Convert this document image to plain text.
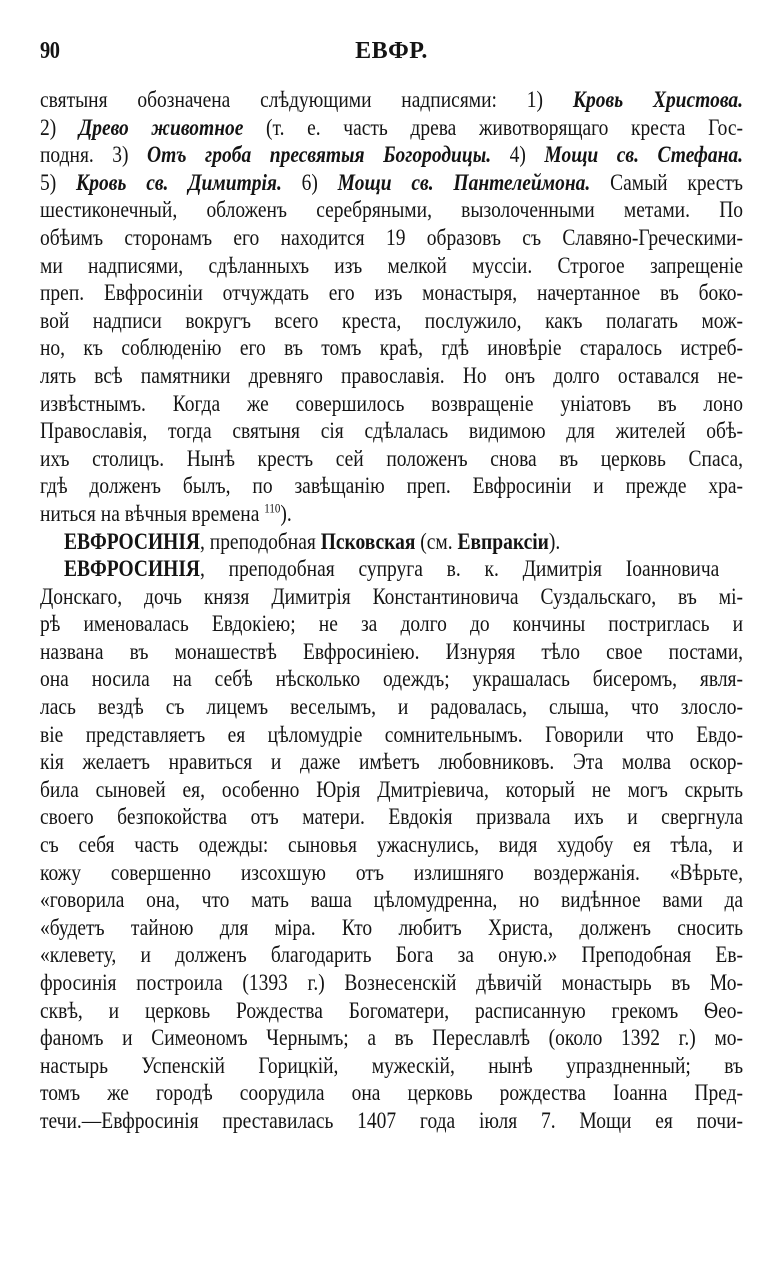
90	ЕВФР.
святыня обозначена слѣдующими надписями: 1) Кровь Христова.
2) Древо животное (т. е. часть древа животворящаго креста Гос-
подня. 3) Отъ гроба пресвятыя Богородицы. 4) Мощи св. Стефана.
5) Кровь св. Димитрія. 6) Мощи св. Пантелеймона. Самый крестъ
шестиконечный, обложенъ серебряными, вызолоченными метами. По
обѣимъ сторонамъ его находится 19 образовъ съ Славяно-Греческими-
ми надписями, сдѣланныхъ изъ мелкой муссіи. Строгое запрещеніе
преп. Евфросиніи отчуждать его изъ монастыря, начертанное въ боко-
вой надписи вокругъ всего креста, послужило, какъ полагать мож-
но, къ соблюденію его въ томъ краѣ, гдѣ иновѣріе старалось истреб-
лять всѣ памятники древняго православія. Но онъ долго оставался не-
извѣстнымъ. Когда же совершилось возвращеніе уніатовъ въ лоно
Православія, тогда святыня сія сдѣлалась видимою для жителей обѣ-
ихъ столицъ. Нынѣ крестъ сей положенъ снова въ церковь Спаса,
гдѣ долженъ былъ, по завѣщанію преп. Евфросиніи и прежде хра-
ниться на вѣчныя времена $^{110}$).
ЕВФРОСИНІЯ, преподобная Псковская (см. Евпраксіи).
ЕВФРОСИНІЯ, преподобная супруга в. к. Димитрія Іоанновича
Донскаго, дочь князя Димитрія Константиновича Суздальскаго, въ мі-
рѣ именовалась Евдокіею; не за долго до кончины постриглась и
названа въ монашествѣ Евфросиніею. Изнуряя тѣло свое постами,
она носила на себѣ нѣсколько одеждъ; украшалась бисеромъ, явля-
лась вездѣ съ лицемъ веселымъ, и радовалась, слыша, что злосло-
віе представляетъ ея цѣломудріе сомнительнымъ. Говорили что Евдо-
кія желаетъ нравиться и даже имѣетъ любовниковъ. Эта молва оскор-
била сыновей ея, особенно Юрія Дмитріевича, который не могъ скрыть
своего безпокойства отъ матери. Евдокія призвала ихъ и свергнула
съ себя часть одежды: сыновья ужаснулись, видя худобу ея тѣла, и
кожу совершенно изсохшую отъ излишняго воздержанія. «Вѣрьте,
«говорила она, что мать ваша цѣломудренна, но видѣнное вами да
«будетъ тайною для міра. Кто любитъ Христа, долженъ сносить
«клевету, и долженъ благодарить Бога за оную.» Преподобная Ев-
фросинія построила (1393 г.) Вознесенскій дѣвичій монастырь въ Мо-
сквѣ, и церковь Рождества Богоматери, расписанную грекомъ Ѳео-
фаномъ и Симеономъ Чернымъ; а въ Переславлѣ (около 1392 г.) мо-
настырь Успенскій Горицкій, мужескій, нынѣ упраздненный; въ
томъ же городѣ соорудила она церковь рождества Іоанна Пред-
течи.—Евфросинія преставилась 1407 года іюля 7. Мощи ея почи-
